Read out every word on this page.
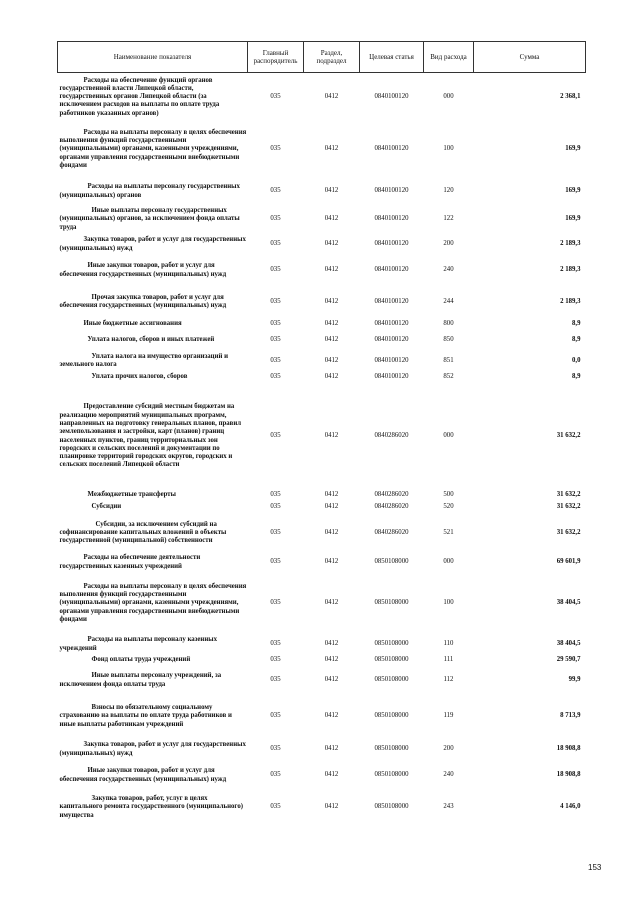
Наименование показателя	Главный распорядитель	Раздел, подраздел	Целевая статья	Вид расхода	Сумма
Расходы на обеспечение функций органов государственной власти Липецкой области, государственных органов Липецкой области (за исключением расходов на выплаты по оплате труда работников указанных органов)	035	0412	0840100120	000	2 368,1
Расходы на выплаты персоналу в целях обеспечения выполнения функций государственными (муниципальными) органами, казенными учреждениями, органами управления государственными внебюджетными фондами	035	0412	0840100120	100	169,9
Расходы на выплаты персоналу государственных (муниципальных) органов	035	0412	0840100120	120	169,9
Иные выплаты персоналу государственных (муниципальных) органов, за исключением фонда оплаты труда	035	0412	0840100120	122	169,9
Закупка товаров, работ и услуг для государственных (муниципальных) нужд	035	0412	0840100120	200	2 189,3
Иные закупки товаров, работ и услуг для обеспечения государственных (муниципальных) нужд	035	0412	0840100120	240	2 189,3
Прочая закупка товаров, работ и услуг для обеспечения государственных (муниципальных) нужд	035	0412	0840100120	244	2 189,3
Иные бюджетные ассигнования	035	0412	0840100120	800	8,9
Уплата налогов, сборов и иных платежей	035	0412	0840100120	850	8,9
Уплата налога на имущество организаций и земельного налога	035	0412	0840100120	851	0,0
Уплата прочих налогов, сборов	035	0412	0840100120	852	8,9
Предоставление субсидий местным бюджетам на реализацию мероприятий муниципальных программ, направленных на подготовку генеральных планов, правил землепользования и застройки, карт (планов) границ населенных пунктов, границ территориальных зон городских и сельских поселений и документации по планировке территорий городских округов, городских и сельских поселений Липецкой области	035	0412	0840286020	000	31 632,2
Межбюджетные трансферты	035	0412	0840286020	500	31 632,2
Субсидии	035	0412	0840286020	520	31 632,2
Субсидии, за исключением субсидий на софинансирование капитальных вложений в объекты государственной (муниципальной) собственности	035	0412	0840286020	521	31 632,2
Расходы на обеспечение деятельности государственных казенных учреждений	035	0412	0850108000	000	69 601,9
Расходы на выплаты персоналу в целях обеспечения выполнения функций государственными (муниципальными) органами, казенными учреждениями, органами управления государственными внебюджетными фондами	035	0412	0850108000	100	38 404,5
Расходы на выплаты персоналу казенных учреждений	035	0412	0850108000	110	38 404,5
Фонд оплаты труда учреждений	035	0412	0850108000	111	29 590,7
Иные выплаты персоналу учреждений, за исключением фонда оплаты труда	035	0412	0850108000	112	99,9
Взносы по обязательному социальному страхованию на выплаты по оплате труда работников и иные выплаты работникам учреждений	035	0412	0850108000	119	8 713,9
Закупка товаров, работ и услуг для государственных (муниципальных) нужд	035	0412	0850108000	200	18 908,8
Иные закупки товаров, работ и услуг для обеспечения государственных (муниципальных) нужд	035	0412	0850108000	240	18 908,8
Закупка товаров, работ, услуг в целях капитального ремонта государственного (муниципального) имущества	035	0412	0850108000	243	4 146,0
153
